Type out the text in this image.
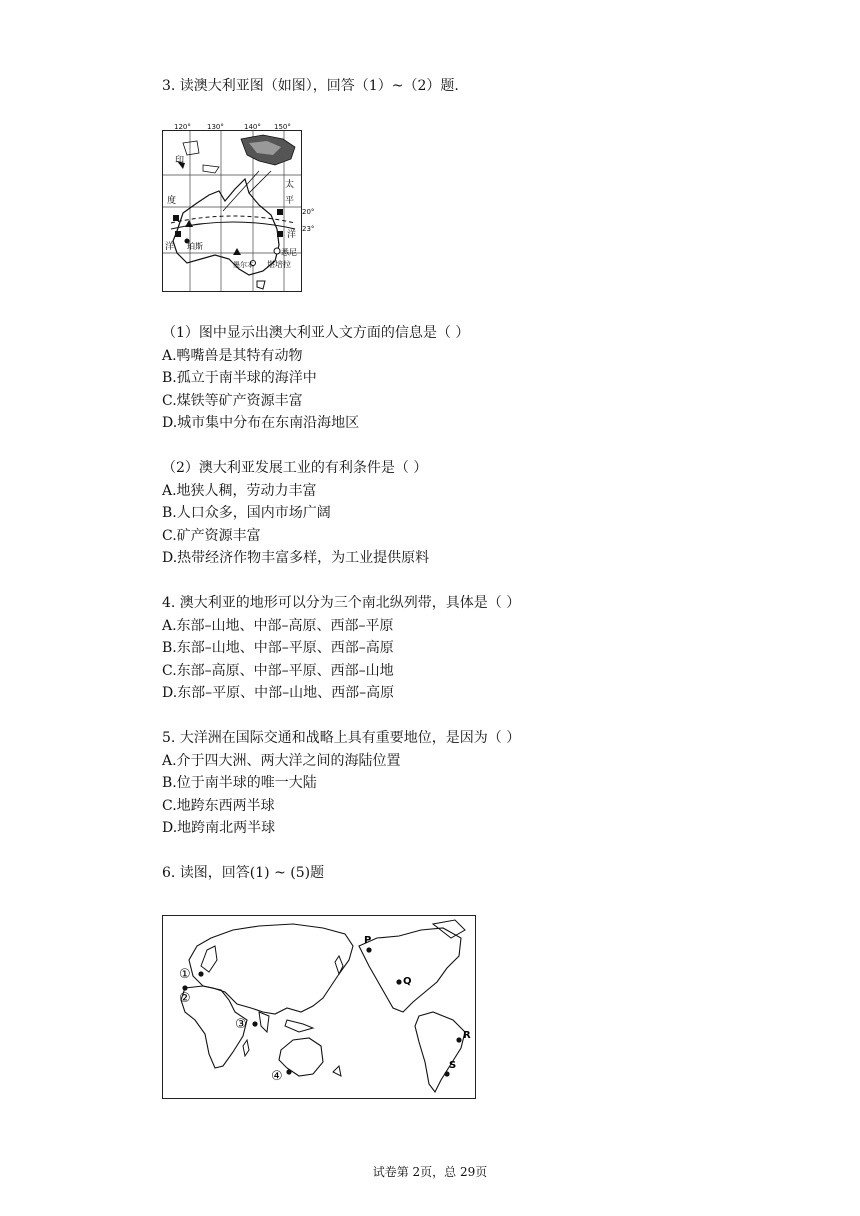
3. 读澳大利亚图（如图），回答（1）~（2）题.
印
度
洋
太
平
洋
珀斯
悉尼
堪培拉
墨尔本
120° 130°	140° 150°
20°
23°
（1）图中显示出澳大利亚人文方面的信息是（ ）
A.鸭嘴兽是其特有动物
B.孤立于南半球的海洋中
C.煤铁等矿产资源丰富
D.城市集中分布在东南沿海地区
（2）澳大利亚发展工业的有利条件是（ ）
A.地狭人稠，劳动力丰富
B.人口众多，国内市场广阔
C.矿产资源丰富
D.热带经济作物丰富多样，为工业提供原料
4. 澳大利亚的地形可以分为三个南北纵列带，具体是（ ）
A.东部–山地、中部–高原、西部–平原
B.东部–山地、中部–平原、西部–高原
C.东部–高原、中部–平原、西部–山地
D.东部–平原、中部–山地、西部–高原
5. 大洋洲在国际交通和战略上具有重要地位，是因为（ ）
A.介于四大洲、两大洋之间的海陆位置
B.位于南半球的唯一大陆
C.地跨东西两半球
D.地跨南北两半球
6. 读图，回答(1) ~ (5)题
①
②
③
④
P
Q
R
S
试卷第 2页，总 29页
